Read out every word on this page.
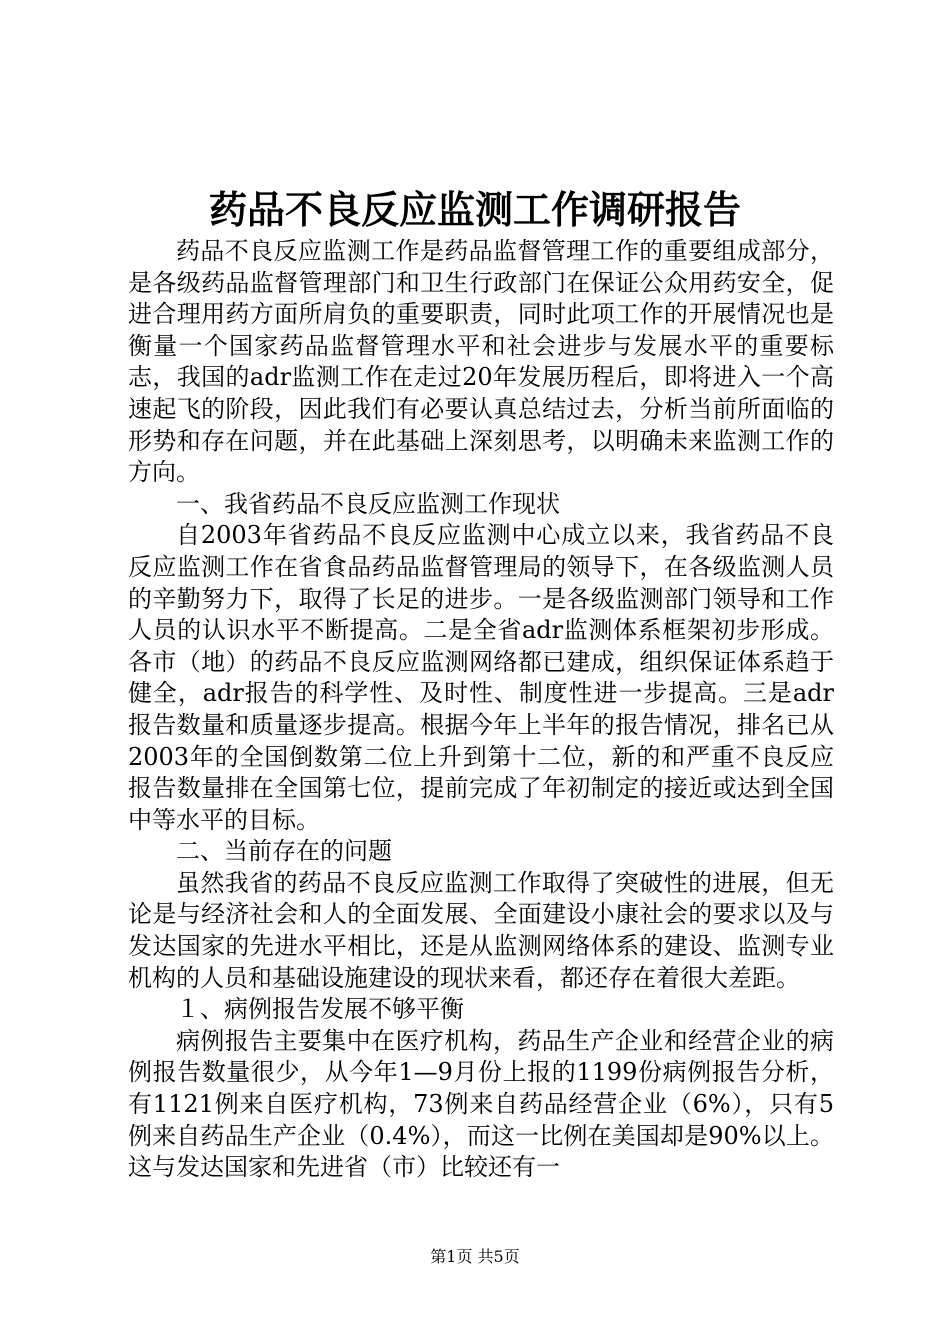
药品不良反应监测工作调研报告

药品不良反应监测工作是药品监督管理工作的重要组成部分，是各级药品监督管理部门和卫生行政部门在保证公众用药安全，促进合理用药方面所肩负的重要职责，同时此项工作的开展情况也是衡量一个国家药品监督管理水平和社会进步与发展水平的重要标志，我国的adr监测工作在走过20年发展历程后，即将进入一个高速起飞的阶段，因此我们有必要认真总结过去，分析当前所面临的形势和存在问题，并在此基础上深刻思考，以明确未来监测工作的方向。

一、我省药品不良反应监测工作现状

自2003年省药品不良反应监测中心成立以来，我省药品不良反应监测工作在省食品药品监督管理局的领导下，在各级监测人员的辛勤努力下，取得了长足的进步。一是各级监测部门领导和工作人员的认识水平不断提高。二是全省adr监测体系框架初步形成。各市（地）的药品不良反应监测网络都已建成，组织保证体系趋于健全，adr报告的科学性、及时性、制度性进一步提高。三是adr报告数量和质量逐步提高。根据今年上半年的报告情况，排名已从2003年的全国倒数第二位上升到第十二位，新的和严重不良反应报告数量排在全国第七位，提前完成了年初制定的接近或达到全国中等水平的目标。

二、当前存在的问题

虽然我省的药品不良反应监测工作取得了突破性的进展，但无论是与经济社会和人的全面发展、全面建设小康社会的要求以及与发达国家的先进水平相比，还是从监测网络体系的建设、监测专业机构的人员和基础设施建设的现状来看，都还存在着很大差距。

１、病例报告发展不够平衡

病例报告主要集中在医疗机构，药品生产企业和经营企业的病例报告数量很少，从今年1—9月份上报的1199份病例报告分析，有1121例来自医疗机构，73例来自药品经营企业（6%），只有5例来自药品生产企业（0.4%），而这一比例在美国却是90%以上。这与发达国家和先进省（市）比较还有一

第1页 共5页
